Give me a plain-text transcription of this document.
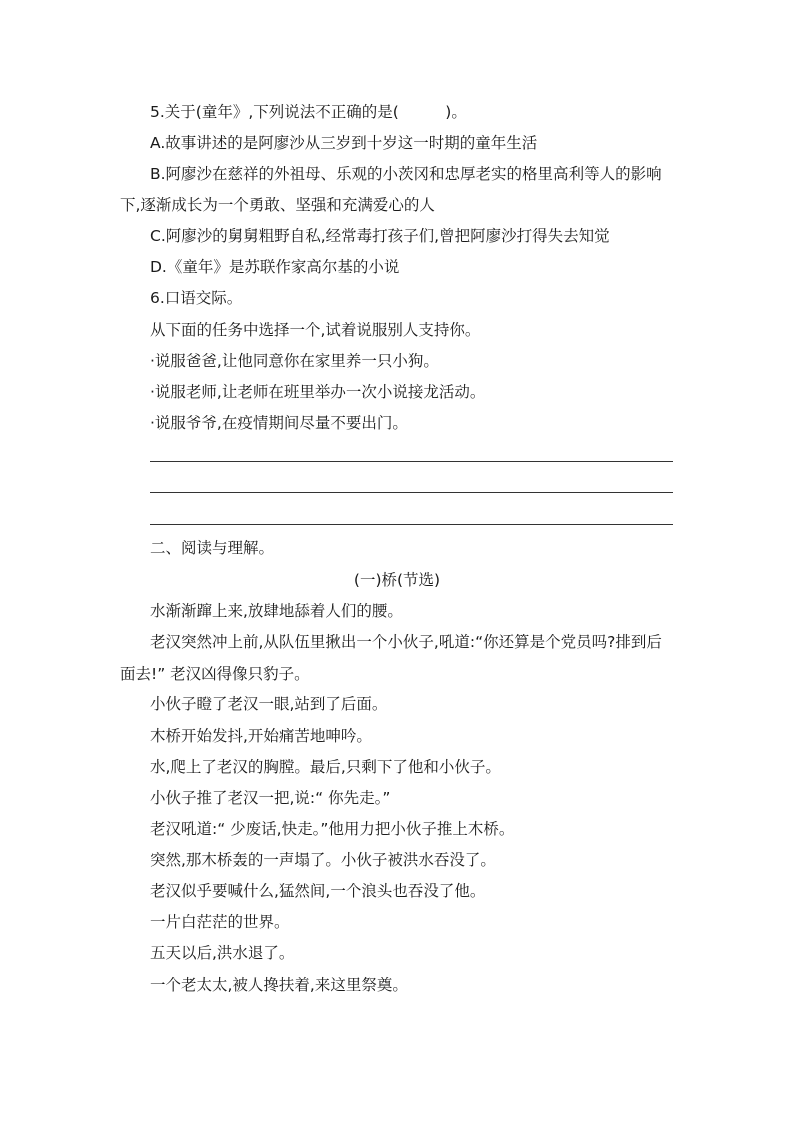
5.关于(童年》,下列说法不正确的是(　　　)。
A.故事讲述的是阿廖沙从三岁到十岁这一时期的童年生活
B.阿廖沙在慈祥的外祖母、乐观的小茨冈和忠厚老实的格里高利等人的影响
下,逐渐成长为一个勇敢、坚强和充满爱心的人
C.阿廖沙的舅舅粗野自私,经常毒打孩子们,曾把阿廖沙打得失去知觉
D.《童年》是苏联作家高尔基的小说
6.口语交际。
从下面的任务中选择一个,试着说服别人支持你。
·说服爸爸,让他同意你在家里养一只小狗。
·说服老师,让老师在班里举办一次小说接龙活动。
·说服爷爷,在疫情期间尽量不要出门。
二、阅读与理解。
(一)桥(节选)
水渐渐蹿上来,放肆地舔着人们的腰。
老汉突然冲上前,从队伍里揪出一个小伙子,吼道:“你还算是个党员吗?排到后
面去!” 老汉凶得像只豹子。
小伙子瞪了老汉一眼,站到了后面。
木桥开始发抖,开始痛苦地呻吟。
水,爬上了老汉的胸膛。最后,只剩下了他和小伙子。
小伙子推了老汉一把,说:“ 你先走。”
老汉吼道:“ 少废话,快走。”他用力把小伙子推上木桥。
突然,那木桥轰的一声塌了。小伙子被洪水吞没了。
老汉似乎要喊什么,猛然间,一个浪头也吞没了他。
一片白茫茫的世界。
五天以后,洪水退了。
一个老太太,被人搀扶着,来这里祭奠。
